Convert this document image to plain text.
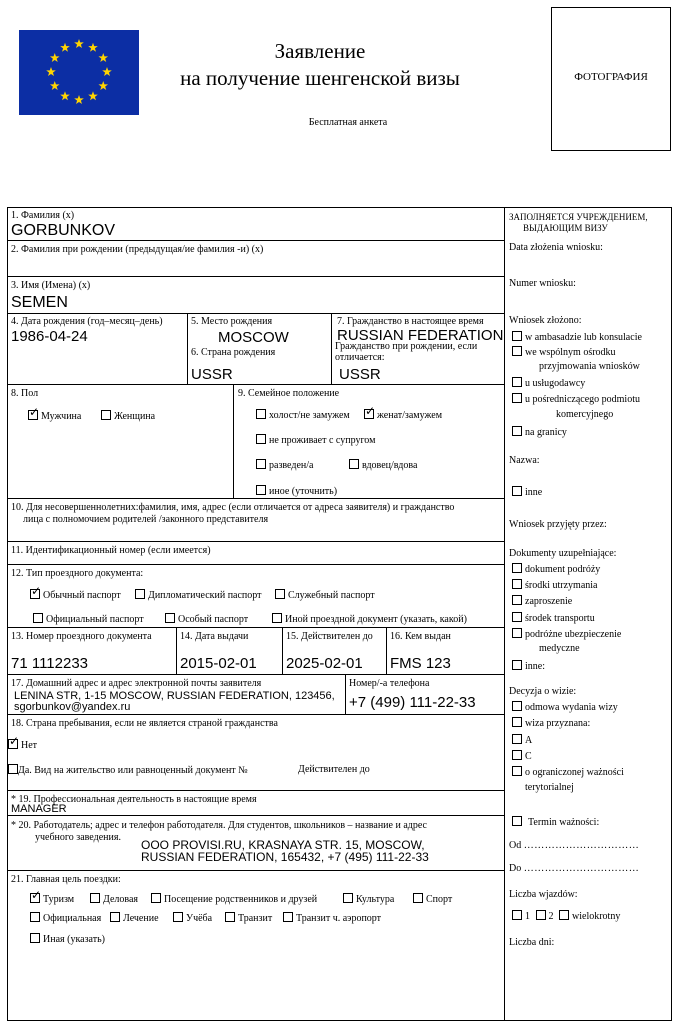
Заявление
на получение шенгенской визы
Бесплатная анкета
ФОТОГРАФИЯ
1. Фамилия (x)
GORBUNKOV
2. Фамилия при рождении (предыдущая/ие фамилия -и) (x)
3. Имя (Имена) (x)
SEMEN
4. Дата рождения (год–месяц–день)
1986-04-24
5. Место рождения
MOSCOW
6. Страна рождения
USSR
7. Гражданство в настоящее время
RUSSIAN FEDERATION
Гражданство при рождении, если
отличается:
USSR
8. Пол
✓Мужчина	Женщина
9. Семейное положение
холост/не замужем
✓	женат/замужем
не проживает с супругом
разведен/а	вдовец/вдова
иное (уточнить)
10. Для несовершеннолетних:фамилия, имя, адрес (если отличается от адреса заявителя) и гражданство
лица с полномочием родителей /законного представителя
11. Идентификационный номер (если имеется)
12. Тип проездного документа:
✓Обычный паспорт	Дипломатический паспорт	Служебный паспорт
Официальный паспорт	Особый паспорт	Иной проездной документ (указать, какой)
13. Номер проездного документа
71 1112233
14. Дата выдачи
2015-02-01
15. Действителен до
2025-02-01
16. Кем выдан
FMS 123
17. Домашний адрес и адрес электронной почты заявителя
LENINA STR, 1-15 MOSCOW, RUSSIAN FEDERATION, 123456,
sgorbunkov@yandex.ru
Номер/-а телефона
+7 (499) 111-22-33
18. Страна пребывания, если не является страной гражданства
✓Нет
Да. Вид на жительство или равноценный документ №	Действителен до
* 19. Профессиональная деятельность в настоящие время
MANAGER
* 20. Работодатель; адрес и телефон работодателя. Для студентов, школьников – название и адрес
учебного заведения.
OOO PROVISI.RU, KRASNAYA STR. 15, MOSCOW,
RUSSIAN FEDERATION, 165432, +7 (495) 111-22-33
21. Главная цель поездки:
✓Туризм	Деловая	Посещение родственников и друзей	Культура	Спорт
Официальная	Лечение	Учёба	Транзит	Транзит ч. аэропорт
Иная (указать)
ЗАПОЛНЯЕТСЯ УЧРЕЖДЕНИЕМ,
ВЫДАЮЩИМ ВИЗУ
Data złożenia wniosku:
Numer wniosku:
Wniosek złożono:
w ambasadzie lub konsulacie
we wspólnym ośrodku
przyjmowania wniosków
u usługodawcy
u pośredniczącego podmiotu
komercyjnego
na granicy
Nazwa:
inne
Wniosek przyjęty przez:
Dokumenty uzupełniające:
dokument podróży
środki utrzymania
zaproszenie
środek transportu
podróżne ubezpieczenie
medyczne
inne:
Decyzja o wizie:
odmowa wydania wizy
wiza przyznana:
A
C
o ograniczonej ważności
terytorialnej
Termin ważności:
Od ……………………………
Do ……………………………
Liczba wjazdów:
1 2 wielokrotny
Liczba dni:
